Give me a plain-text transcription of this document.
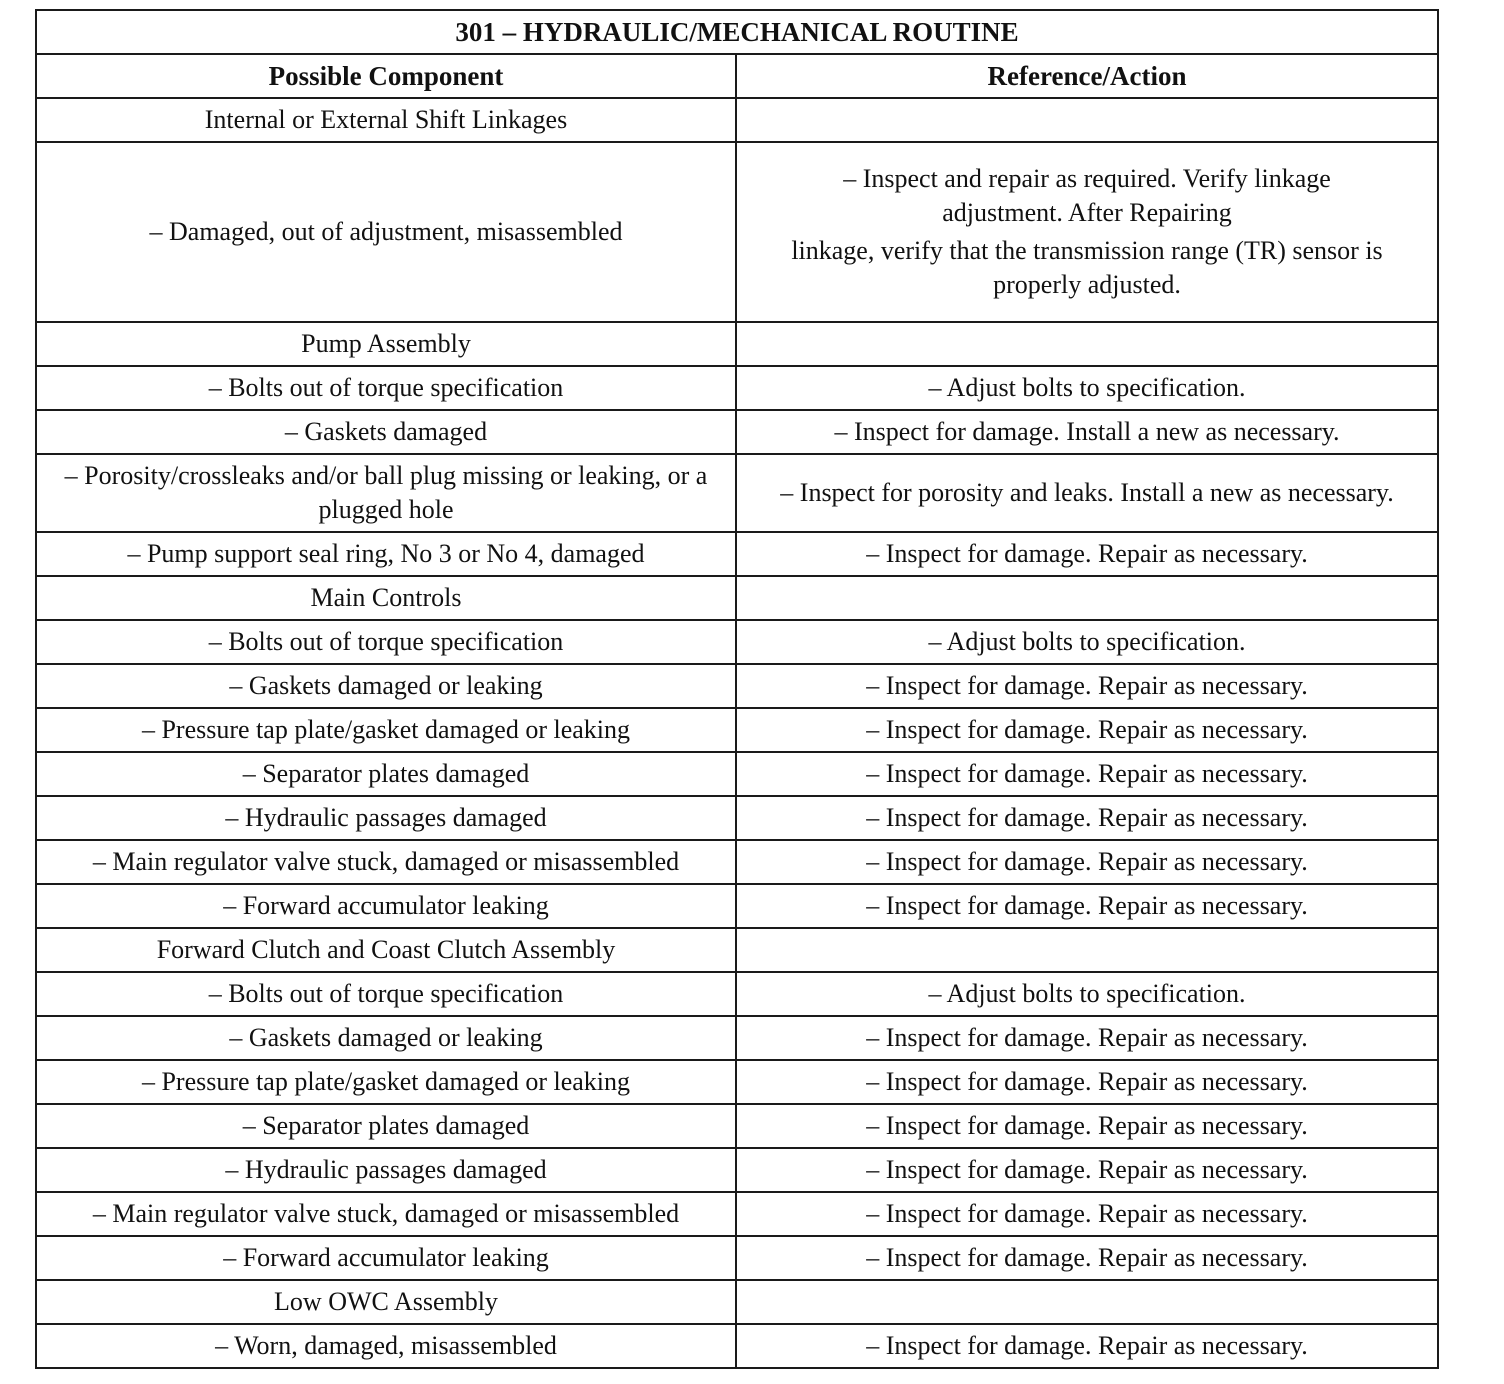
301 – HYDRAULIC/MECHANICAL ROUTINE	
Possible Component	Reference/Action
Internal or External Shift Linkages	
– Damaged, out of adjustment, misassembled	– Inspect and repair as required. Verify linkage
adjustment. After Repairing
linkage, verify that the transmission range (TR) sensor is properly adjusted.

Pump Assembly	
– Bolts out of torque specification	– Adjust bolts to specification.
– Gaskets damaged	– Inspect for damage. Install a new as necessary.
– Porosity/crossleaks and/or ball plug missing or leaking, or a plugged hole	– Inspect for porosity and leaks. Install a new as necessary.
– Pump support seal ring, No 3 or No 4, damaged	– Inspect for damage. Repair as necessary.
Main Controls	
– Bolts out of torque specification	– Adjust bolts to specification.
– Gaskets damaged or leaking	– Inspect for damage. Repair as necessary.
– Pressure tap plate/gasket damaged or leaking	– Inspect for damage. Repair as necessary.
– Separator plates damaged	– Inspect for damage. Repair as necessary.
– Hydraulic passages damaged	– Inspect for damage. Repair as necessary.
– Main regulator valve stuck, damaged or misassembled	– Inspect for damage. Repair as necessary.
– Forward accumulator leaking	– Inspect for damage. Repair as necessary.
Forward Clutch and Coast Clutch Assembly	
– Bolts out of torque specification	– Adjust bolts to specification.
– Gaskets damaged or leaking	– Inspect for damage. Repair as necessary.
– Pressure tap plate/gasket damaged or leaking	– Inspect for damage. Repair as necessary.
– Separator plates damaged	– Inspect for damage. Repair as necessary.
– Hydraulic passages damaged	– Inspect for damage. Repair as necessary.
– Main regulator valve stuck, damaged or misassembled	– Inspect for damage. Repair as necessary.
– Forward accumulator leaking	– Inspect for damage. Repair as necessary.
Low OWC Assembly	
– Worn, damaged, misassembled	– Inspect for damage. Repair as necessary.
